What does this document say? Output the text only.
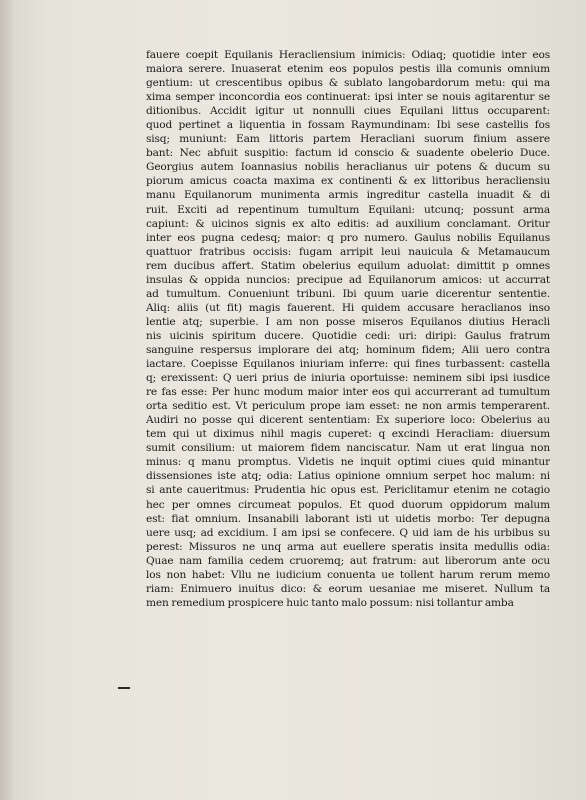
fauere coepit Equilanis Heracliensium inimicis: Odiaq; quotidie inter eos
maiora serere. Inuaserat etenim eos populos pestis illa comunis omnium
gentium: ut crescentibus opibus & sublato langobardorum metu: qui ma
xima semper inconcordia eos continuerat: ipsi inter se nouis agitarentur se
ditionibus. Accidit igitur ut nonnulli ciues Equilani littus occuparent:
quod pertinet a liquentia in fossam Raymundinam: Ibi sese castellis fos
sisq; muniunt: Eam littoris partem Heracliani suorum finium assere
bant: Nec abfuit suspitio: factum id conscio & suadente obelerio Duce.
Georgius autem Ioannasius nobilis heraclianus uir potens & ducum su
piorum amicus coacta maxima ex continenti & ex littoribus heracliensiu
manu Equilanorum munimenta armis ingreditur castella inuadit & di
ruit. Exciti ad repentinum tumultum Equilani: utcunq; possunt arma
capiunt: & uicinos signis ex alto editis: ad auxilium conclamant. Oritur
inter eos pugna cedesq; maior: q pro numero. Gaulus nobilis Equilanus
quattuor fratribus occisis: fugam arripit leui nauicula & Metamaucum
rem ducibus affert. Statim obelerius equilum aduolat: dimittit p omnes
insulas & oppida nuncios: precipue ad Equilanorum amicos: ut accurrat
ad tumultum. Conueniunt tribuni. Ibi quum uarie dicerentur sententie.
Aliq: aliis (ut fit) magis fauerent. Hi quidem accusare heraclianos inso
lentie atq; superbie. I am non posse miseros Equilanos diutius Heracli
nis uicinis spiritum ducere. Quotidie cedi: uri: diripi: Gaulus fratrum
sanguine respersus implorare dei atq; hominum fidem; Alii uero contra
iactare. Coepisse Equilanos iniuriam inferre: qui fines turbassent: castella
q; erexissent: Q ueri prius de iniuria oportuisse: neminem sibi ipsi iusdice
re fas esse: Per hunc modum maior inter eos qui accurrerant ad tumultum
orta seditio est. Vt periculum prope iam esset: ne non armis temperarent.
Audiri no posse qui dicerent sententiam: Ex superiore loco: Obelerius au
tem qui ut diximus nihil magis cuperet: q excindi Heracliam: diuersum
sumit consilium: ut maiorem fidem nanciscatur. Nam ut erat lingua non
minus: q manu promptus. Videtis ne inquit optimi ciues quid minantur
dissensiones iste atq; odia: Latius opinione omnium serpet hoc malum: ni
si ante caueritmus: Prudentia hic opus est. Periclitamur etenim ne cotagio
hec per omnes circumeat populos. Et quod duorum oppidorum malum
est: fiat omnium. Insanabili laborant isti ut uidetis morbo: Ter depugna
uere usq; ad excidium. I am ipsi se confecere. Q uid iam de his urbibus su
perest: Missuros ne unq arma aut euellere speratis insita medullis odia:
Quae nam familia cedem cruoremq; aut fratrum: aut liberorum ante ocu
los non habet: Vllu ne iudicium conuenta ue tollent harum rerum memo
riam: Enimuero inuitus dico: & eorum uesaniae me miseret. Nullum ta
men remedium prospicere huic tanto malo possum: nisi tollantur amba
